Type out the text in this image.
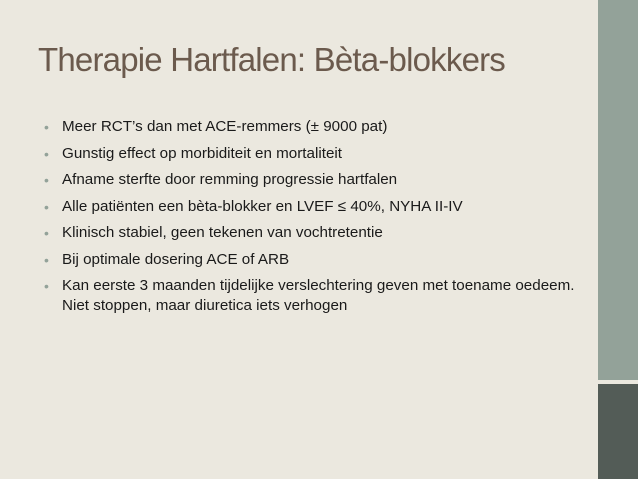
Therapie Hartfalen: Bèta-blokkers
• Meer RCT’s dan met ACE-remmers (± 9000 pat)
• Gunstig effect op morbiditeit en mortaliteit
• Afname sterfte door remming progressie hartfalen
• Alle patiënten een bèta-blokker en LVEF ≤ 40%, NYHA II-IV
• Klinisch stabiel, geen tekenen van vochtretentie
• Bij optimale dosering ACE of ARB
• Kan eerste 3 maanden tijdelijke verslechtering geven met toename oedeem. Niet stoppen, maar diuretica iets verhogen
